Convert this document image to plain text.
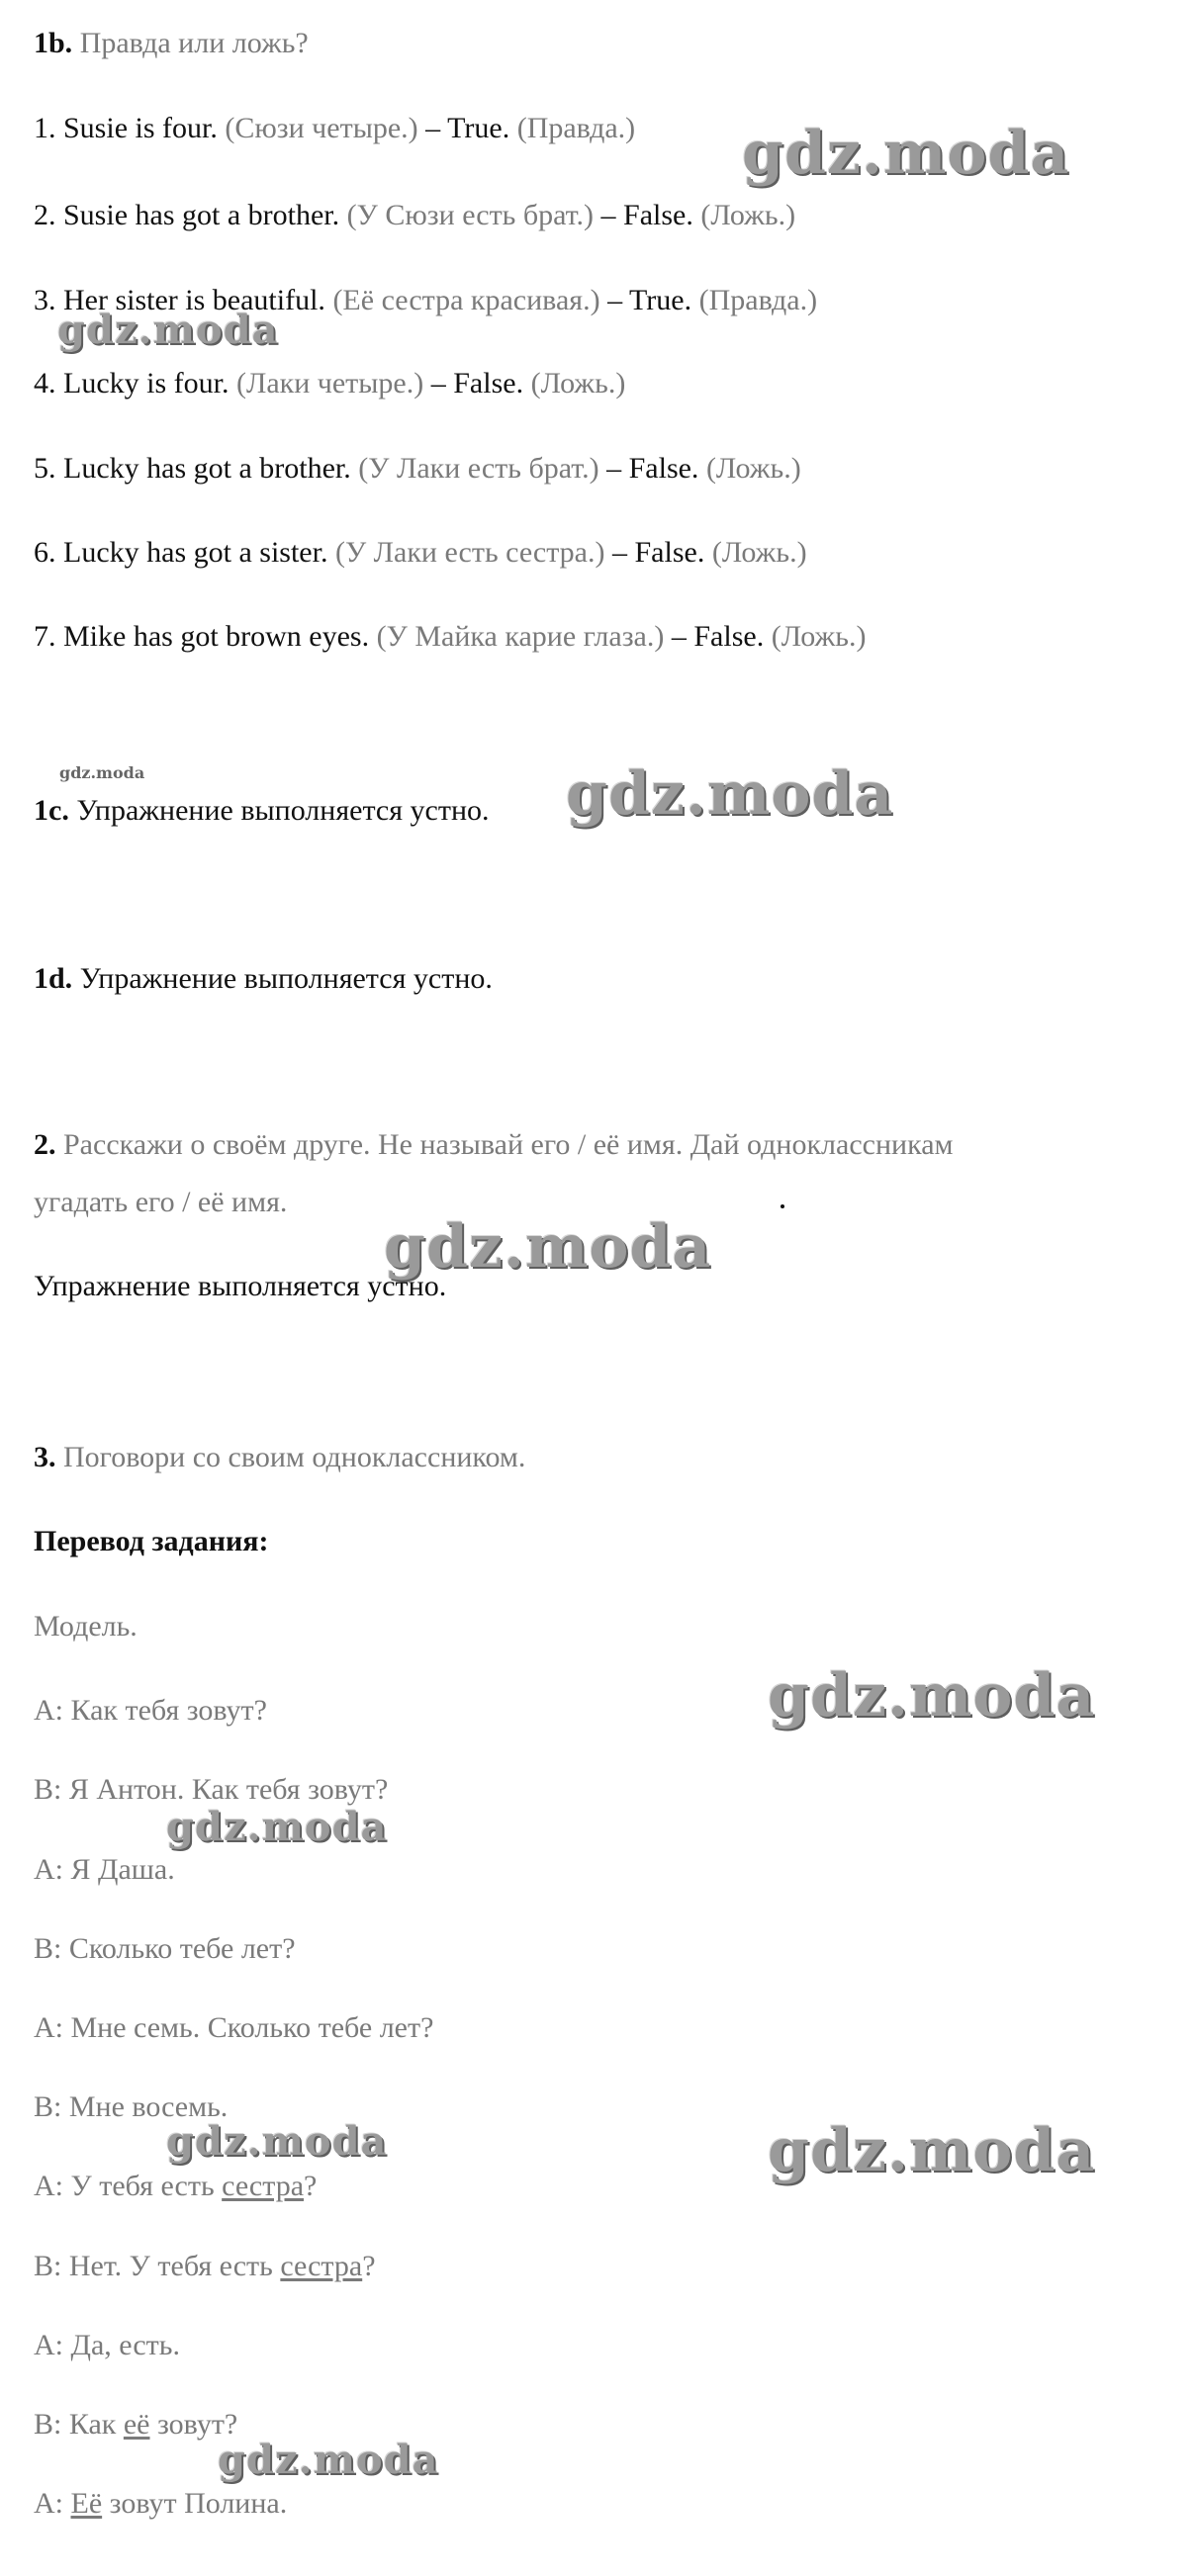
1b. Правда или ложь?
1. Susie is four. (Сюзи четыре.) – True. (Правда.)
2. Susie has got a brother. (У Сюзи есть брат.) – False. (Ложь.)
3. Her sister is beautiful. (Её сестра красивая.) – True. (Правда.)
4. Lucky is four. (Лаки четыре.) – False. (Ложь.)
5. Lucky has got a brother. (У Лаки есть брат.) – False. (Ложь.)
6. Lucky has got a sister. (У Лаки есть сестра.) – False. (Ложь.)
7. Mike has got brown eyes. (У Майка карие глаза.) – False. (Ложь.)
1c. Упражнение выполняется устно.
1d. Упражнение выполняется устно.
2. Расскажи о своём друге. Не называй его / её имя. Дай одноклассникам
угадать его / её имя.
Упражнение выполняется устно.
3. Поговори со своим одноклассником.
Перевод задания:
Модель.
А: Как тебя зовут?
В: Я Антон. Как тебя зовут?
А: Я Даша.
В: Сколько тебе лет?
А: Мне семь. Сколько тебе лет?
В: Мне восемь.
А: У тебя есть сестра?
В: Нет. У тебя есть сестра?
А: Да, есть.
В: Как её зовут?
А: Её зовут Полина.
gdz.moda
gdz.moda
gdz.moda	gdz.moda
gdz.moda
gdz.moda
gdz.moda
gdz.moda	gdz.moda
gdz.moda
